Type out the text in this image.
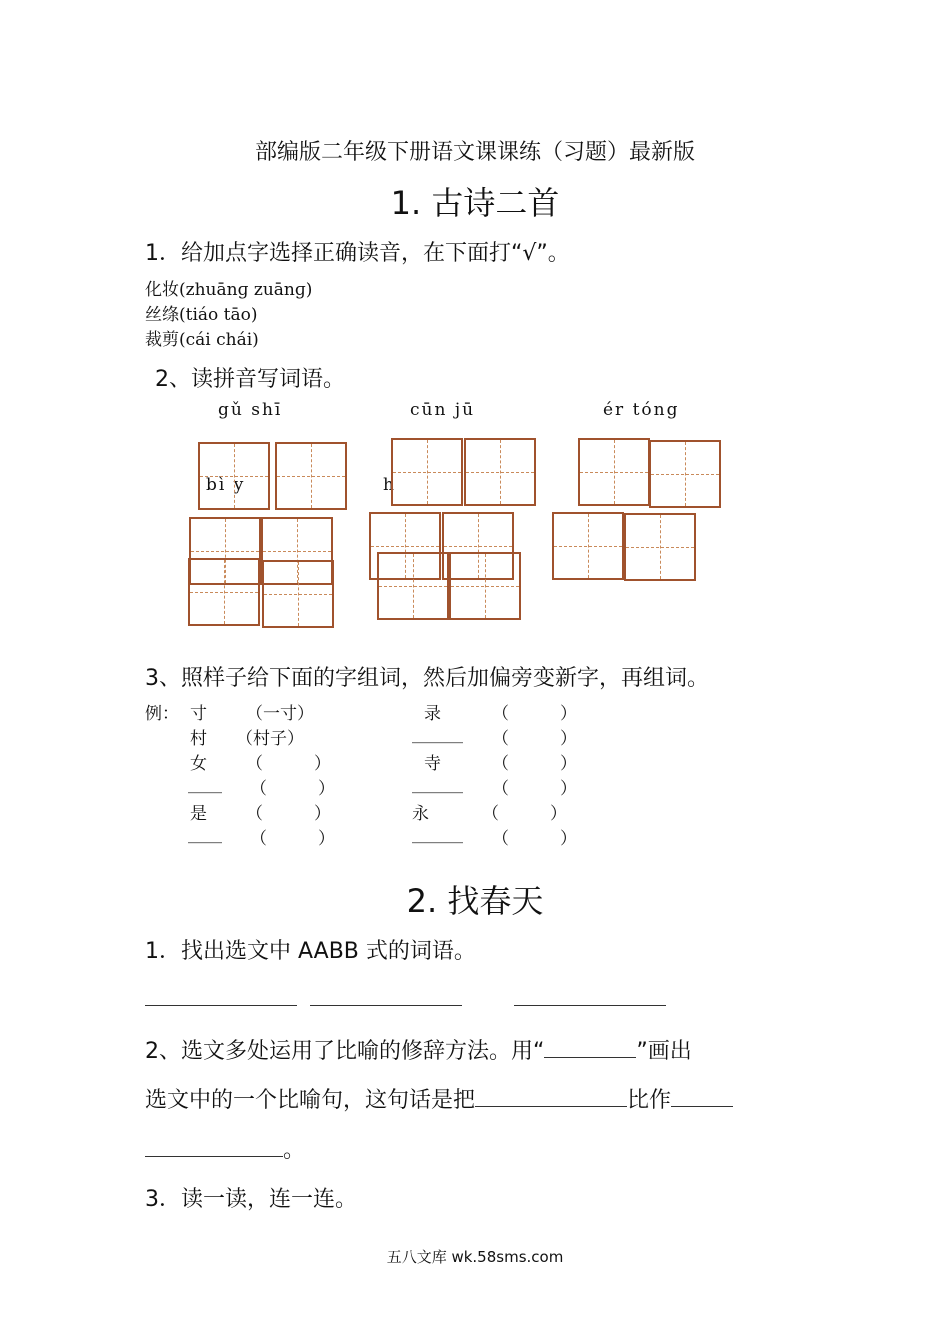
部编版二年级下册语文课课练（习题）最新版
1. 古诗二首
1．给加点字选择正确读音，在下面打“√”。
化妆(zhuānɡ zuānɡ)
丝绦(tiáo tāo)
裁剪(cái chái)
2、读拼音写词语。
gǔ shī	cūn jū	ér tóng
bì y	h
3、照样子给下面的字组词，然后加偏旁变新字，再组词。
例： 寸 （一寸）	录	（　　　）
村 （村子）	______ （　　　）
女 （　　　）	寺	（　　　）
____ （　　　）	______ （　　　）
是 （　　　）	永	（　　　）
____ （　　　）	______ （　　　）
2. 找春天
1．找出选文中 AABB 式的词语。
2、选文多处运用了比喻的修辞方法。用“	”画出
选文中的一个比喻句，这句话是把	比作
。
3．读一读，连一连。
五八文库 wk.58sms.com
